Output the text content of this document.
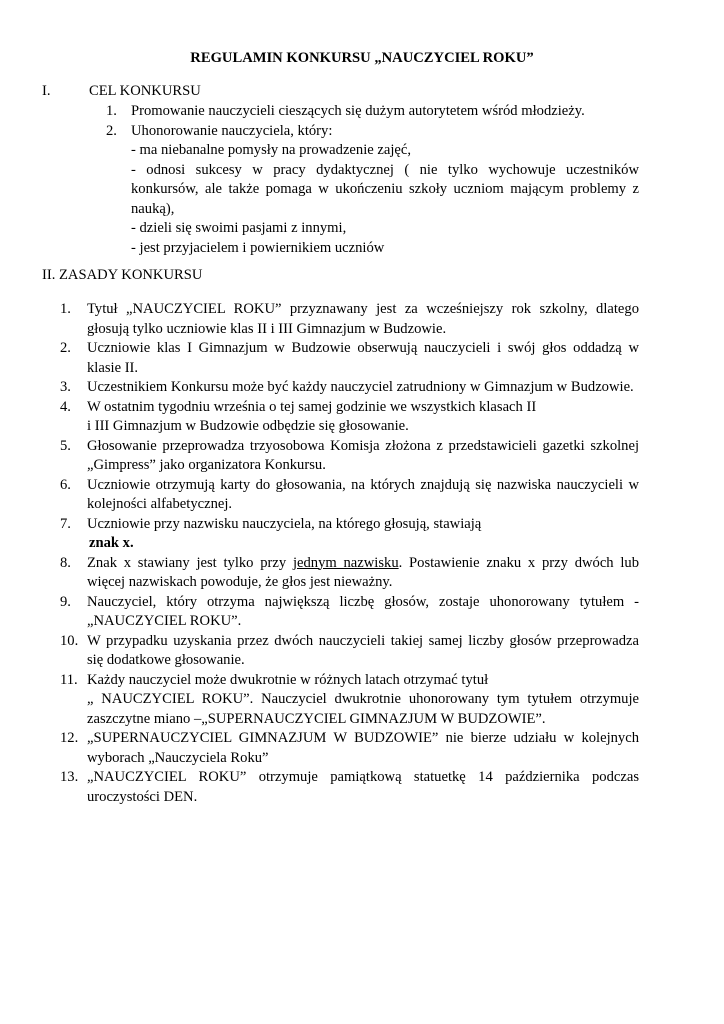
REGULAMIN KONKURSU „NAUCZYCIEL ROKU”
I.	CEL KONKURSU
1. Promowanie nauczycieli cieszących się dużym autorytetem wśród młodzieży.
2. Uhonorowanie nauczyciela, który:
- ma niebanalne pomysły na prowadzenie zajęć,
- odnosi sukcesy w pracy dydaktycznej ( nie tylko wychowuje uczestników konkursów, ale także pomaga w ukończeniu szkoły uczniom mającym problemy z nauką),
- dzieli się swoimi pasjami z innymi,
- jest przyjacielem i powiernikiem uczniów
II. ZASADY KONKURSU
1. Tytuł „NAUCZYCIEL ROKU” przyznawany jest za wcześniejszy rok szkolny, dlatego głosują tylko uczniowie klas II i III Gimnazjum w Budzowie.
2. Uczniowie klas I Gimnazjum w Budzowie obserwują nauczycieli i swój głos oddadzą w klasie II.
3. Uczestnikiem Konkursu może być każdy nauczyciel zatrudniony w Gimnazjum w Budzowie.
4. W ostatnim tygodniu września o tej samej godzinie we wszystkich klasach II
i III Gimnazjum w Budzowie odbędzie się głosowanie.
5. Głosowanie przeprowadza trzyosobowa Komisja złożona z przedstawicieli gazetki szkolnej „Gimpress” jako organizatora Konkursu.
6. Uczniowie otrzymują karty do głosowania, na których znajdują się nazwiska nauczycieli w kolejności alfabetycznej.
7. Uczniowie przy nazwisku nauczyciela, na którego głosują, stawiają
znak x.
8. Znak x stawiany jest tylko przy jednym nazwisku. Postawienie znaku x przy dwóch lub więcej nazwiskach powoduje, że głos jest nieważny.
9. Nauczyciel, który otrzyma największą liczbę głosów, zostaje uhonorowany tytułem - „NAUCZYCIEL ROKU”.
10. W przypadku uzyskania przez dwóch nauczycieli takiej samej liczby głosów przeprowadza się dodatkowe głosowanie.
11. Każdy nauczyciel może dwukrotnie w różnych latach otrzymać tytuł
„ NAUCZYCIEL ROKU”. Nauczyciel dwukrotnie uhonorowany tym tytułem otrzymuje zaszczytne miano –„SUPERNAUCZYCIEL GIMNAZJUM W BUDZOWIE”.
12. „SUPERNAUCZYCIEL GIMNAZJUM W BUDZOWIE” nie bierze udziału w kolejnych wyborach „Nauczyciela Roku”
13. „NAUCZYCIEL ROKU” otrzymuje pamiątkową statuetkę 14 października podczas uroczystości DEN.
